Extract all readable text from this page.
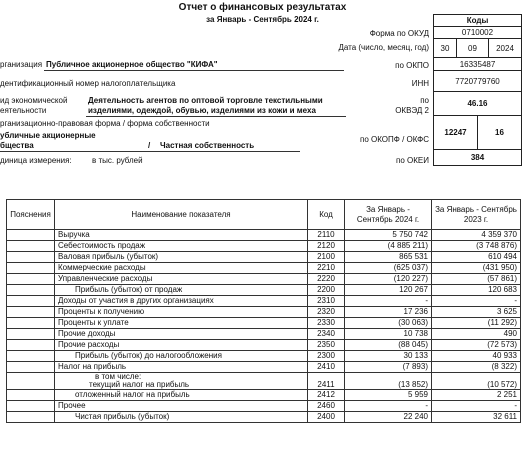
Отчет о финансовых результатах
за Январь - Сентябрь 2024 г.	Коды
Форма по ОКУД	0710002
Дата (число, месяц, год)	30	09	2024
рганизация Публичное акционерное общество "КИФА"	по ОКПО	16335487
дентификационный номер налогоплательщика	ИНН	7720779760
ид экономической
еятельности
Деятельность агентов по оптовой торговле текстильными
изделиями, одеждой, обувью, изделиями из кожи и меха
по
ОКВЭД 2
46.16
рганизационно-правовая форма / форма собственности
убличные акционерные
бщества	/ Частная собственность
по ОКОПФ / ОКФС
12247	16
диница измерения:	в тыс. рублей	по ОКЕИ	384
Пояснения	Наименование показателя	Код	За Январь - Сентябрь 2024 г.	За Январь - Сентябрь 2023 г.
	Выручка	2110	5 750 742	4 359 370
	Себестоимость продаж	2120	(4 885 211)	(3 748 876)
	Валовая прибыль (убыток)	2100	865 531	610 494
	Коммерческие расходы	2210	(625 037)	(431 950)
	Управленческие расходы	2220	(120 227)	(57 861)
	Прибыль (убыток) от продаж	2200	120 267	120 683
	Доходы от участия в других организациях	2310	-	-
	Проценты к получению	2320	17 236	3 625
	Проценты к уплате	2330	(30 063)	(11 292)
	Прочие доходы	2340	10 738	490
	Прочие расходы	2350	(88 045)	(72 573)
	Прибыль (убыток) до налогообложения	2300	30 133	40 933
	Налог на прибыль	2410	(7 893)	(8 322)

	в том числе:
текущий налог на прибыль	2411	(13 852)	(10 572)
	отложенный налог на прибыль	2412	5 959	2 251
	Прочее	2460	-	-
	Чистая прибыль (убыток)	2400	22 240	32 611
